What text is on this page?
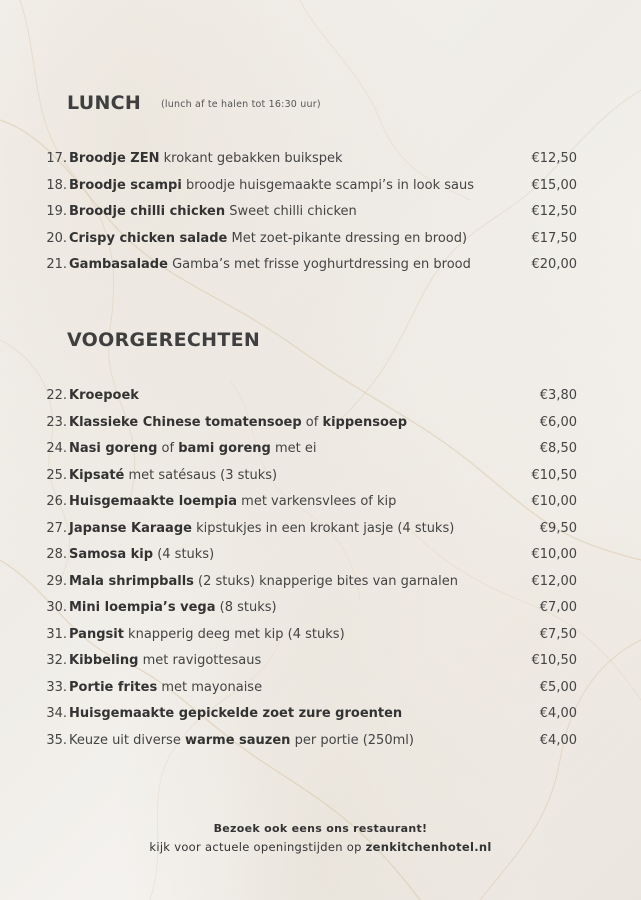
LUNCH (lunch af te halen tot 16:30 uur)
17. Broodje ZEN krokant gebakken buikspek	€12,50
18. Broodje scampi broodje huisgemaakte scampi’s in look saus	€15,00
19. Broodje chilli chicken Sweet chilli chicken	€12,50
20. Crispy chicken salade Met zoet-pikante dressing en brood)	€17,50
21. Gambasalade Gamba’s met frisse yoghurtdressing en brood	€20,00
VOORGERECHTEN
22. Kroepoek	€3,80
23. Klassieke Chinese tomatensoep of kippensoep	€6,00
24. Nasi goreng of bami goreng met ei	€8,50
25. Kipsaté met satésaus (3 stuks)	€10,50
26. Huisgemaakte loempia met varkensvlees of kip	€10,00
27. Japanse Karaage kipstukjes in een krokant jasje (4 stuks)	€9,50
28. Samosa kip (4 stuks)	€10,00
29. Mala shrimpballs (2 stuks) knapperige bites van garnalen	€12,00
30. Mini loempia’s vega (8 stuks)	€7,00
31. Pangsit knapperig deeg met kip (4 stuks)	€7,50
32. Kibbeling met ravigottesaus	€10,50
33. Portie frites met mayonaise	€5,00
34. Huisgemaakte gepickelde zoet zure groenten	€4,00
35. Keuze uit diverse warme sauzen per portie (250ml)	€4,00
Bezoek ook eens ons restaurant!
kijk voor actuele openingstijden op zenkitchenhotel.nl
